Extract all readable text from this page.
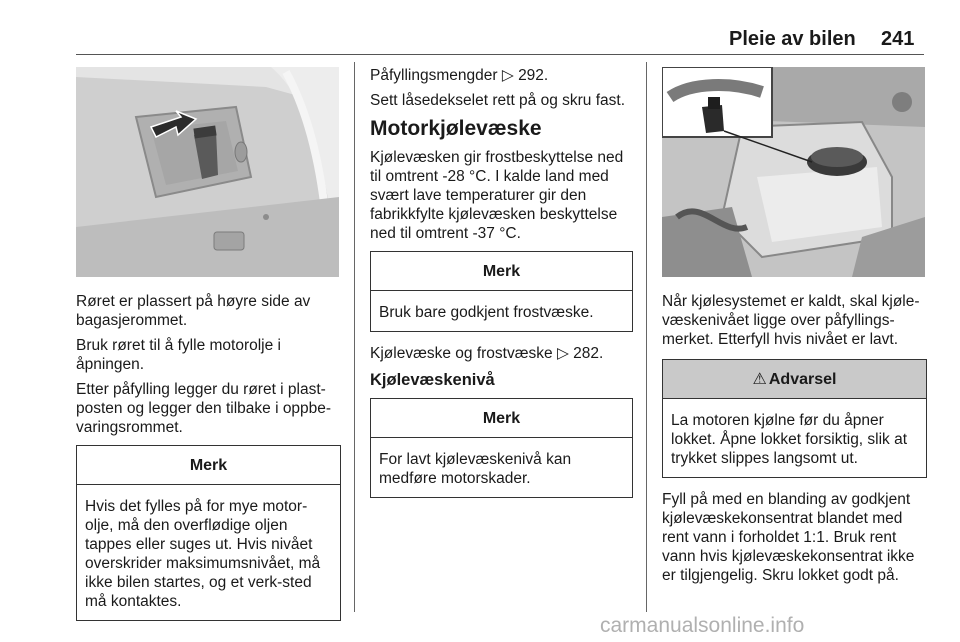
Pleie av bilen 241

Røret er plassert på høyre side av bagasjerommet.

Bruk røret til å fylle motorolje i åpningen.

Etter påfylling legger du røret i plast-posten og legger den tilbake i oppbe-varingsrommet.

Merk
Hvis det fylles på for mye motor-olje, må den overflødige oljen tappes eller suges ut. Hvis nivået overskrider maksimumsnivået, må ikke bilen startes, og et verk-sted må kontaktes.

Påfyllingsmengder ▷ 292.

Sett låsedekselet rett på og skru fast.

Motorkjølevæske

Kjølevæsken gir frostbeskyttelse ned til omtrent -28 °C. I kalde land med svært lave temperaturer gir den fabrikkfylte kjølevæsken beskyttelse ned til omtrent -37 °C.

Merk
Bruk bare godkjent frostvæske.

Kjølevæske og frostvæske ▷ 282.

Kjølevæskenivå
Merk
For lavt kjølevæskenivå kan medføre motorskader.

Når kjølesystemet er kaldt, skal kjøle-væskenivået ligge over påfyllings-merket. Etterfyll hvis nivået er lavt.

⚠ Advarsel
La motoren kjølne før du åpner lokket. Åpne lokket forsiktig, slik at trykket slippes langsomt ut.

Fyll på med en blanding av godkjent kjølevæskekonsentrat blandet med rent vann i forholdet 1:1. Bruk rent vann hvis kjølevæskekonsentrat ikke er tilgjengelig. Skru lokket godt på.

carmanualsonline.info
